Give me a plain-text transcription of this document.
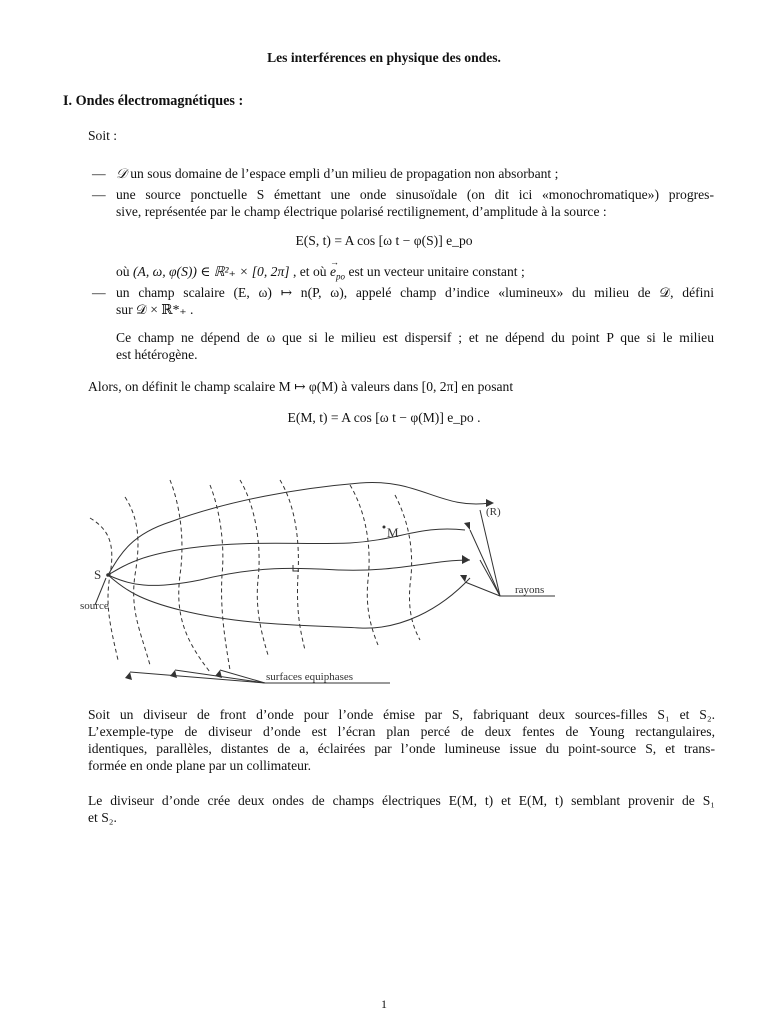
Les interférences en physique des ondes.
I. Ondes électromagnétiques :
Soit :
— 𝒟 un sous domaine de l’espace empli d’un milieu de propagation non absorbant ;
— une source ponctuelle S émettant une onde sinusoïdale (on dit ici «monochromatique») progres-
sive, représentée par le champ électrique polarisé rectilignement, d’amplitude à la source :
E(S, t) = A cos [ω t − φ(S)] e_po
où (A, ω, φ(S)) ∈ ℝ²₊ × [0, 2π] , et où → $e_{po}$ est un vecteur unitaire constant ;
— un champ scalaire (E, ω) ↦ n(P, ω), appelé champ d’indice «lumineux» du milieu de 𝒟, défini
sur 𝒟 × ℝ*₊ .
Ce champ ne dépend de ω que si le milieu est dispersif ; et ne dépend du point P que si le milieu
est hétérogène.
Alors, on définit le champ scalaire M ↦ φ(M) à valeurs dans [0, 2π] en posant
E(M, t) = A cos [ω t − φ(M)] e_po .
S
source
M
(R)
rayons
surfaces equiphases
Soit un diviseur de front d’onde pour l’onde émise par S, fabriquant deux sources-filles S₁ et S₂.
L’exemple-type de diviseur d’onde est l’écran plan percé de deux fentes de Young rectangulaires,
identiques, parallèles, distantes de a, éclairées par l’onde lumineuse issue du point-source S, et trans-
formée en onde plane par un collimateur.
Le diviseur d’onde crée deux ondes de champs électriques E(M, t) et E(M, t) semblant provenir de S₁
et S₂.
1
